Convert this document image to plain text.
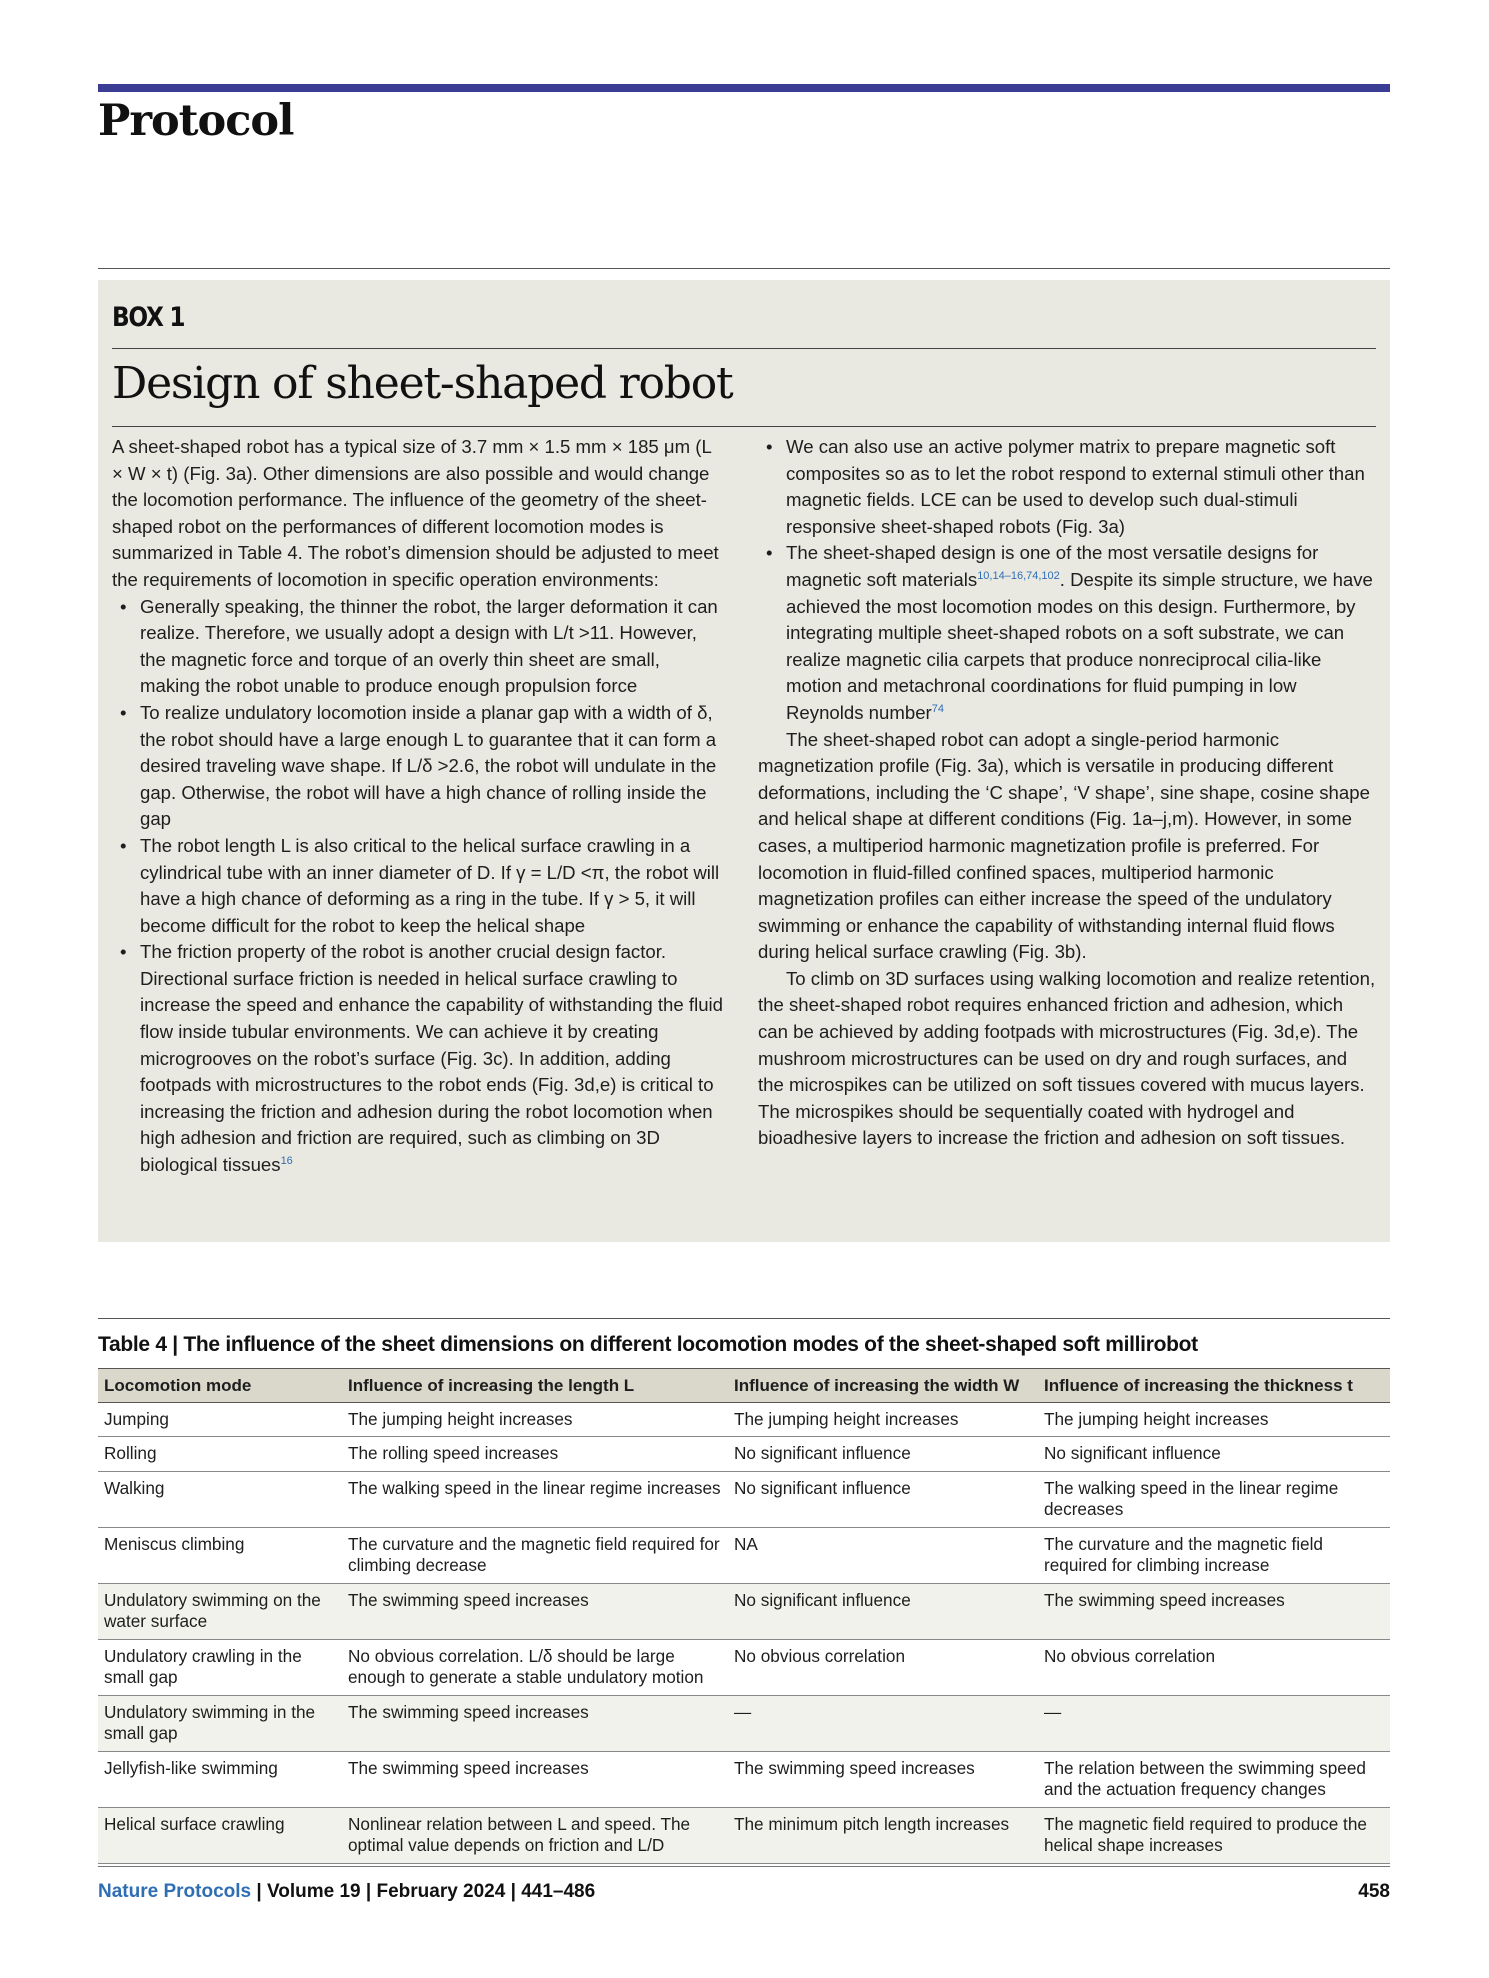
Protocol
BOX 1
Design of sheet-shaped robot

A sheet-shaped robot has a typical size of 3.7 mm × 1.5 mm × 185 μm (L × W × t) (Fig. 3a). Other dimensions are also possible and would change the locomotion performance. The influence of the geometry of the sheet-shaped robot on the performances of different locomotion modes is summarized in Table 4. The robot’s dimension should be adjusted to meet the requirements of locomotion in specific operation environments:

• Generally speaking, the thinner the robot, the larger deformation it can realize. Therefore, we usually adopt a design with L/t >11. However, the magnetic force and torque of an overly thin sheet are small, making the robot unable to produce enough propulsion force
• To realize undulatory locomotion inside a planar gap with a width of δ, the robot should have a large enough L to guarantee that it can form a desired traveling wave shape. If L/δ >2.6, the robot will undulate in the gap. Otherwise, the robot will have a high chance of rolling inside the gap
• The robot length L is also critical to the helical surface crawling in a cylindrical tube with an inner diameter of D. If γ = L/D <π, the robot will have a high chance of deforming as a ring in the tube. If γ > 5, it will become difficult for the robot to keep the helical shape
• The friction property of the robot is another crucial design factor. Directional surface friction is needed in helical surface crawling to increase the speed and enhance the capability of withstanding the fluid flow inside tubular environments. We can achieve it by creating microgrooves on the robot’s surface (Fig. 3c). In addition, adding footpads with microstructures to the robot ends (Fig. 3d,e) is critical to increasing the friction and adhesion during the robot locomotion when high adhesion and friction are required, such as climbing on 3D biological tissues$^{16}$
• We can also use an active polymer matrix to prepare magnetic soft composites so as to let the robot respond to external stimuli other than magnetic fields. LCE can be used to develop such dual-stimuli responsive sheet-shaped robots (Fig. 3a)
• The sheet-shaped design is one of the most versatile designs for magnetic soft materials$^{10,14-16,74,102}$. Despite its simple structure, we have achieved the most locomotion modes on this design. Furthermore, by integrating multiple sheet-shaped robots on a soft substrate, we can realize magnetic cilia carpets that produce nonreciprocal cilia-like motion and metachronal coordinations for fluid pumping in low Reynolds number$^{74}$

The sheet-shaped robot can adopt a single-period harmonic magnetization profile (Fig. 3a), which is versatile in producing different deformations, including the ‘C shape’, ‘V shape’, sine shape, cosine shape and helical shape at different conditions (Fig. 1a–j,m). However, in some cases, a multiperiod harmonic magnetization profile is preferred. For locomotion in fluid-filled confined spaces, multiperiod harmonic magnetization profiles can either increase the speed of the undulatory swimming or enhance the capability of withstanding internal fluid flows during helical surface crawling (Fig. 3b).

To climb on 3D surfaces using walking locomotion and realize retention, the sheet-shaped robot requires enhanced friction and adhesion, which can be achieved by adding footpads with microstructures (Fig. 3d,e). The mushroom microstructures can be used on dry and rough surfaces, and the microspikes can be utilized on soft tissues covered with mucus layers. The microspikes should be sequentially coated with hydrogel and bioadhesive layers to increase the friction and adhesion on soft tissues.

Table 4 | The influence of the sheet dimensions on different locomotion modes of the sheet-shaped soft millirobot

Locomotion mode	Influence of increasing the length L	Influence of increasing the width W	Influence of increasing the thickness t
Jumping	The jumping height increases	The jumping height increases	The jumping height increases
Rolling	The rolling speed increases	No significant influence	No significant influence
Walking	The walking speed in the linear regime increases	No significant influence	The walking speed in the linear regime decreases
Meniscus climbing	The curvature and the magnetic field required for climbing decrease	NA	The curvature and the magnetic field required for climbing increase
Undulatory swimming on the water surface	The swimming speed increases	No significant influence	The swimming speed increases
Undulatory crawling in the small gap	No obvious correlation. L/δ should be large enough to generate a stable undulatory motion	No obvious correlation	No obvious correlation
Undulatory swimming in the small gap	The swimming speed increases	—	—
Jellyfish-like swimming	The swimming speed increases	The swimming speed increases	The relation between the swimming speed and the actuation frequency changes
Helical surface crawling	Nonlinear relation between L and speed. The optimal value depends on friction and L/D	The minimum pitch length increases	The magnetic field required to produce the helical shape increases
Nature Protocols | Volume 19 | February 2024 | 441–486	458
